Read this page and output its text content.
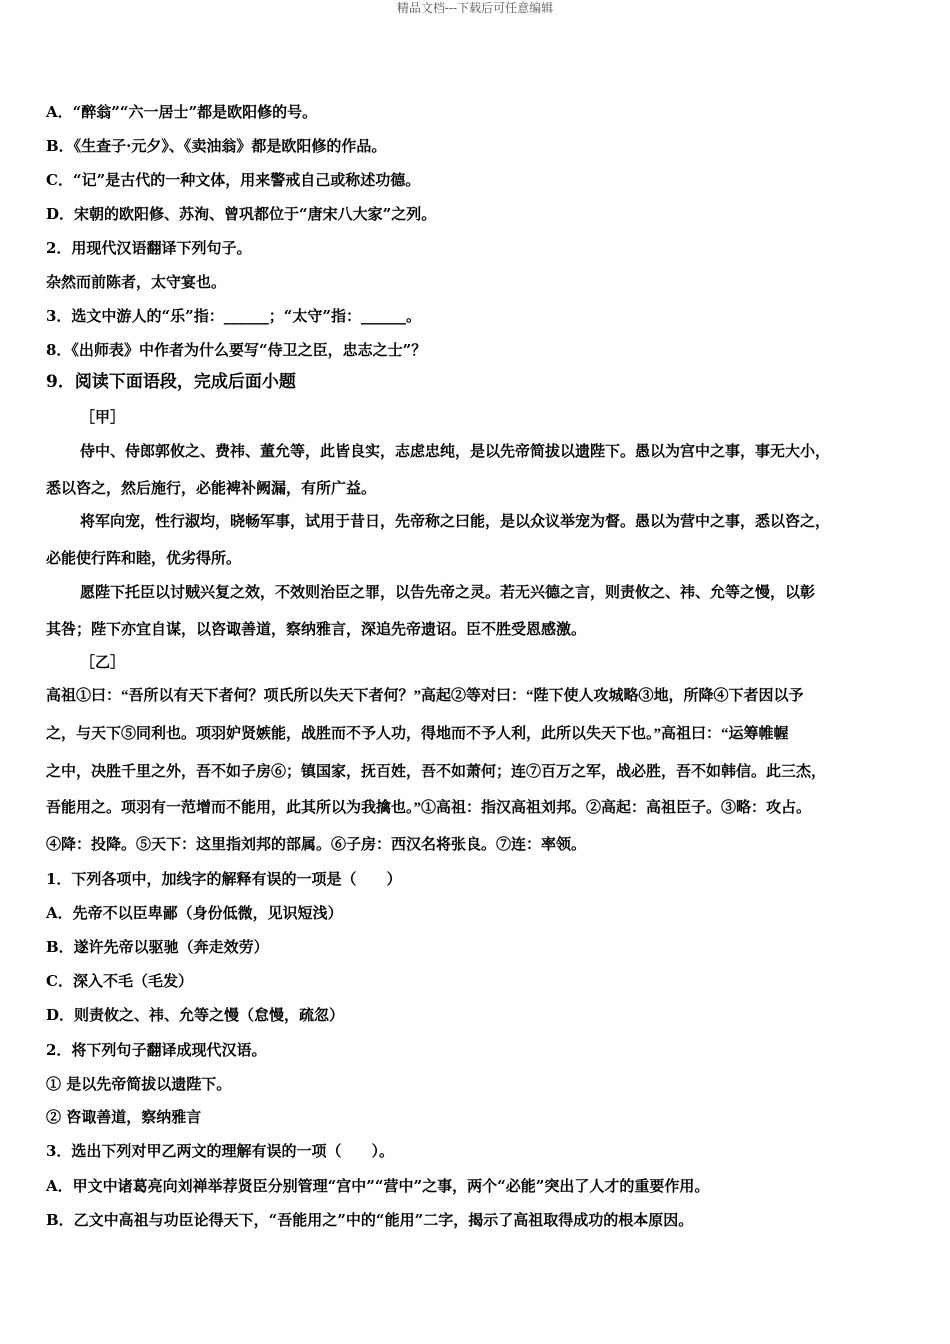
精品文档---下载后可任意编辑
A．“醉翁”“六一居士”都是欧阳修的号。
B．《生查子·元夕》、《卖油翁》都是欧阳修的作品。
C．“记”是古代的一种文体，用来警戒自己或称述功德。
D．宋朝的欧阳修、苏洵、曾巩都位于“唐宋八大家”之列。
2．用现代汉语翻译下列句子。
杂然而前陈者，太守宴也。
3．选文中游人的“乐”指：______；“太守”指：______。
8．《出师表》中作者为什么要写“侍卫之臣，忠志之士”？
9．阅读下面语段，完成后面小题
［甲］
侍中、侍郎郭攸之、费祎、董允等，此皆良实，志虑忠纯，是以先帝简拔以遗陛下。愚以为宫中之事，事无大小，
悉以咨之，然后施行，必能裨补阙漏，有所广益。
将军向宠，性行淑均，晓畅军事，试用于昔日，先帝称之曰能，是以众议举宠为督。愚以为营中之事，悉以咨之，
必能使行阵和睦，优劣得所。
愿陛下托臣以讨贼兴复之效，不效则治臣之罪，以告先帝之灵。若无兴德之言，则责攸之、祎、允等之慢，以彰
其咎；陛下亦宜自谋，以咨诹善道，察纳雅言，深追先帝遗诏。臣不胜受恩感激。
［乙］
高祖①曰：“吾所以有天下者何？项氏所以失天下者何？”高起②等对曰：“陛下使人攻城略③地，所降④下者因以予
之，与天下⑤同利也。项羽妒贤嫉能，战胜而不予人功，得地而不予人利，此所以失天下也。”高祖曰：“运筹帷幄
之中，决胜千里之外，吾不如子房⑥；镇国家，抚百姓，吾不如萧何；连⑦百万之军，战必胜，吾不如韩信。此三杰，
吾能用之。项羽有一范增而不能用，此其所以为我擒也。”①高祖：指汉高祖刘邦。②高起：高祖臣子。③略：攻占。
④降：投降。⑤天下：这里指刘邦的部属。⑥子房：西汉名将张良。⑦连：率领。
1．下列各项中，加线字的解释有误的一项是（　　）
A．先帝不以臣卑鄙（身份低微，见识短浅）
B．遂许先帝以驱驰（奔走效劳）
C．深入不毛（毛发）
D．则责攸之、祎、允等之慢（怠慢，疏忽）
2．将下列句子翻译成现代汉语。
① 是以先帝简拔以遗陛下。
② 咨诹善道，察纳雅言
3．选出下列对甲乙两文的理解有误的一项（　　）。
A．甲文中诸葛亮向刘禅举荐贤臣分别管理“宫中”“营中”之事，两个“必能”突出了人才的重要作用。
B．乙文中高祖与功臣论得天下，“吾能用之”中的“能用”二字，揭示了高祖取得成功的根本原因。
